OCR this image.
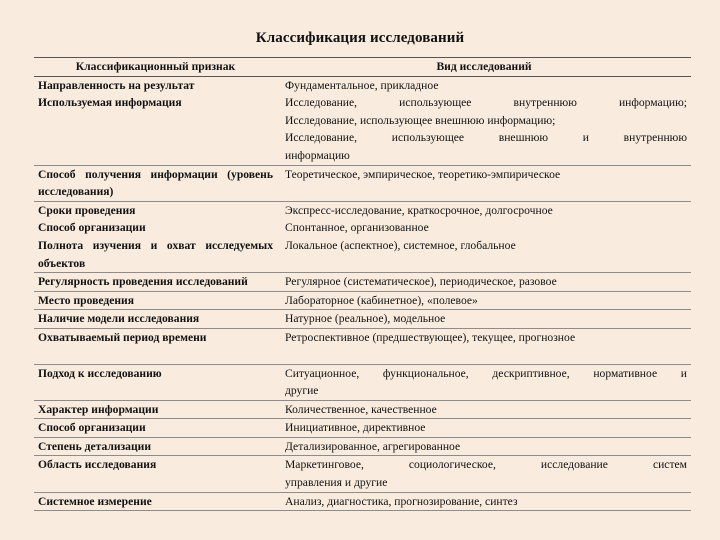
Классификация исследований
Классификационный признак	Вид исследований
Направленность на результат	Фундаментальное, прикладное

Используемая информация	Исследование, использующее внутреннюю информацию;
Исследование, использующее внешнюю информацию;
Исследование, использующее внешнюю и внутреннюю
информацию

Способ получения информации (уровень исследования)	Теоретическое, эмпирическое, теоретико-эмпирическое

Сроки проведения	Экспресс-исследование, краткосрочное, долгосрочное

Способ организации	Спонтанное, организованное

Полнота изучения и охват исследуемых объектов	Локальное (аспектное), системное, глобальное

Регулярность проведения исследований	Регулярное (систематическое), периодическое, разовое

Место проведения	Лабораторное (кабинетное), «полевое»

Наличие модели исследования	Натурное (реальное), модельное

Охватываемый период времени	Ретроспективное (предшествующее), текущее, прогнозное

Подход к исследованию	Ситуационное, функциональное, дескриптивное, нормативное и
другие

Характер информации	Количественное, качественное

Способ организации	Инициативное, директивное

Степень детализации	Детализированное, агрегированное

Область исследования	Маркетинговое, социологическое, исследование систем
управления и другие

Системное измерение	Анализ, диагностика, прогнозирование, синтез
